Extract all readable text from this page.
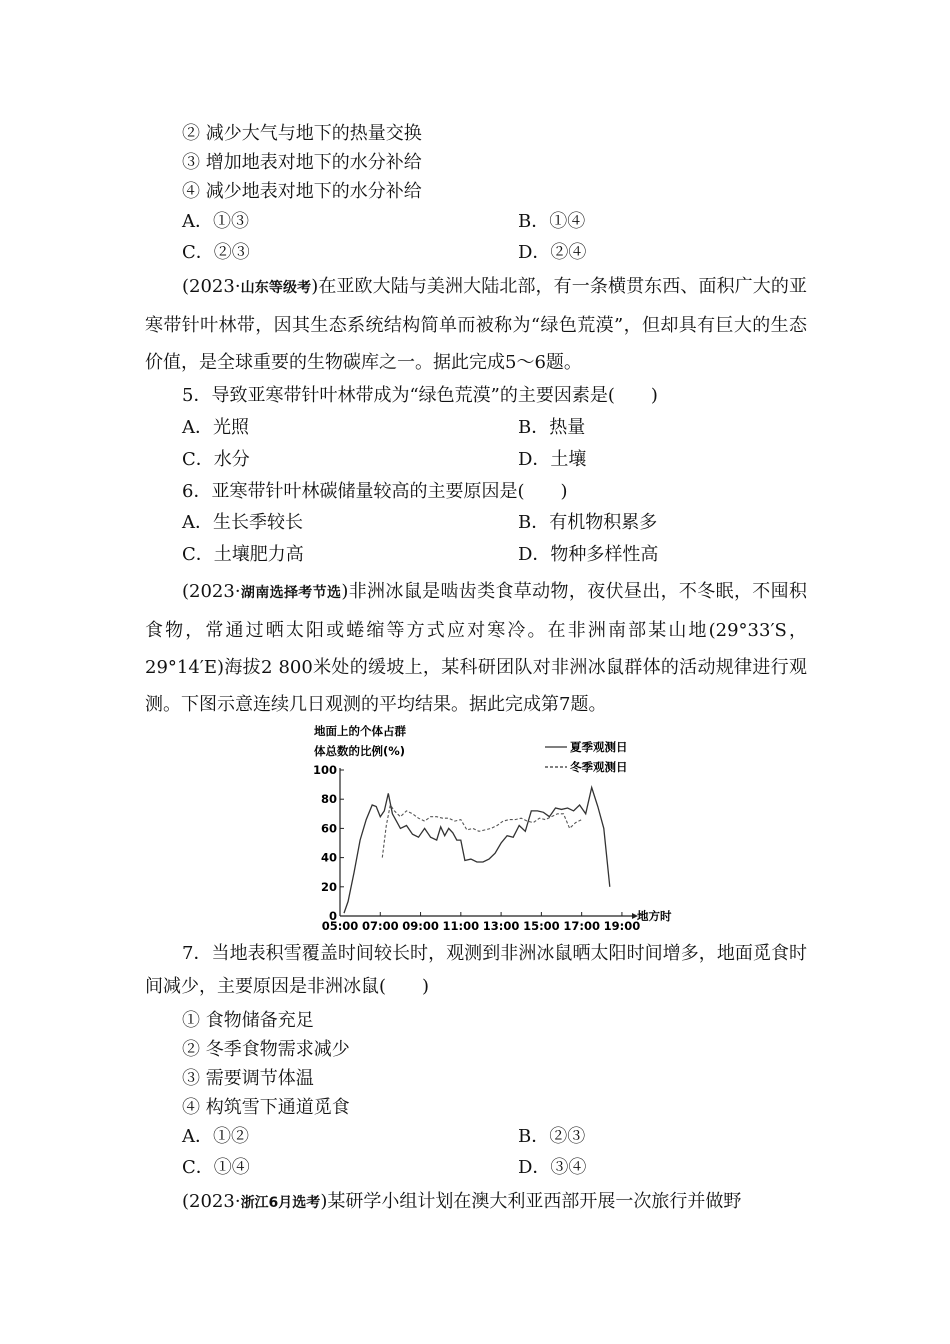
② 减少大气与地下的热量交换
③ 增加地表对地下的水分补给
④ 减少地表对地下的水分补给
A．①③	B．①④
C．②③	D．②④
(2023·山东等级考)在亚欧大陆与美洲大陆北部，有一条横贯东西、面积广大的亚寒带针叶林带，因其生态系统结构简单而被称为“绿色荒漠”，但却具有巨大的生态价值，是全球重要的生物碳库之一。据此完成5～6题。
5．导致亚寒带针叶林带成为“绿色荒漠”的主要因素是(　　)
A．光照	B．热量
C．水分	D．土壤
6．亚寒带针叶林碳储量较高的主要原因是(　　)
A．生长季较长	B．有机物积累多
C．土壤肥力高	D．物种多样性高
(2023·湖南选择考节选)非洲冰鼠是啮齿类食草动物，夜伏昼出，不冬眠，不囤积食物，常通过晒太阳或蜷缩等方式应对寒冷。在非洲南部某山地(29°33′S，29°14′E)海拔2 800米处的缓坡上，某科研团队对非洲冰鼠群体的活动规律进行观测。下图示意连续几日观测的平均结果。据此完成第7题。
地面上的个体占群
体总数的比例(%)	夏季观测日
冬季观测日
0
20
40
60
80
100
05:00 07:00 09:00 11:00 13:00 15:00 17:00 19:00
地方时
7．当地表积雪覆盖时间较长时，观测到非洲冰鼠晒太阳时间增多，地面觅食时间减少，主要原因是非洲冰鼠(　　)
① 食物储备充足
② 冬季食物需求减少
③ 需要调节体温
④ 构筑雪下通道觅食
A．①②	B．②③
C．①④	D．③④
(2023·浙江6月选考)某研学小组计划在澳大利亚西部开展一次旅行并做野
